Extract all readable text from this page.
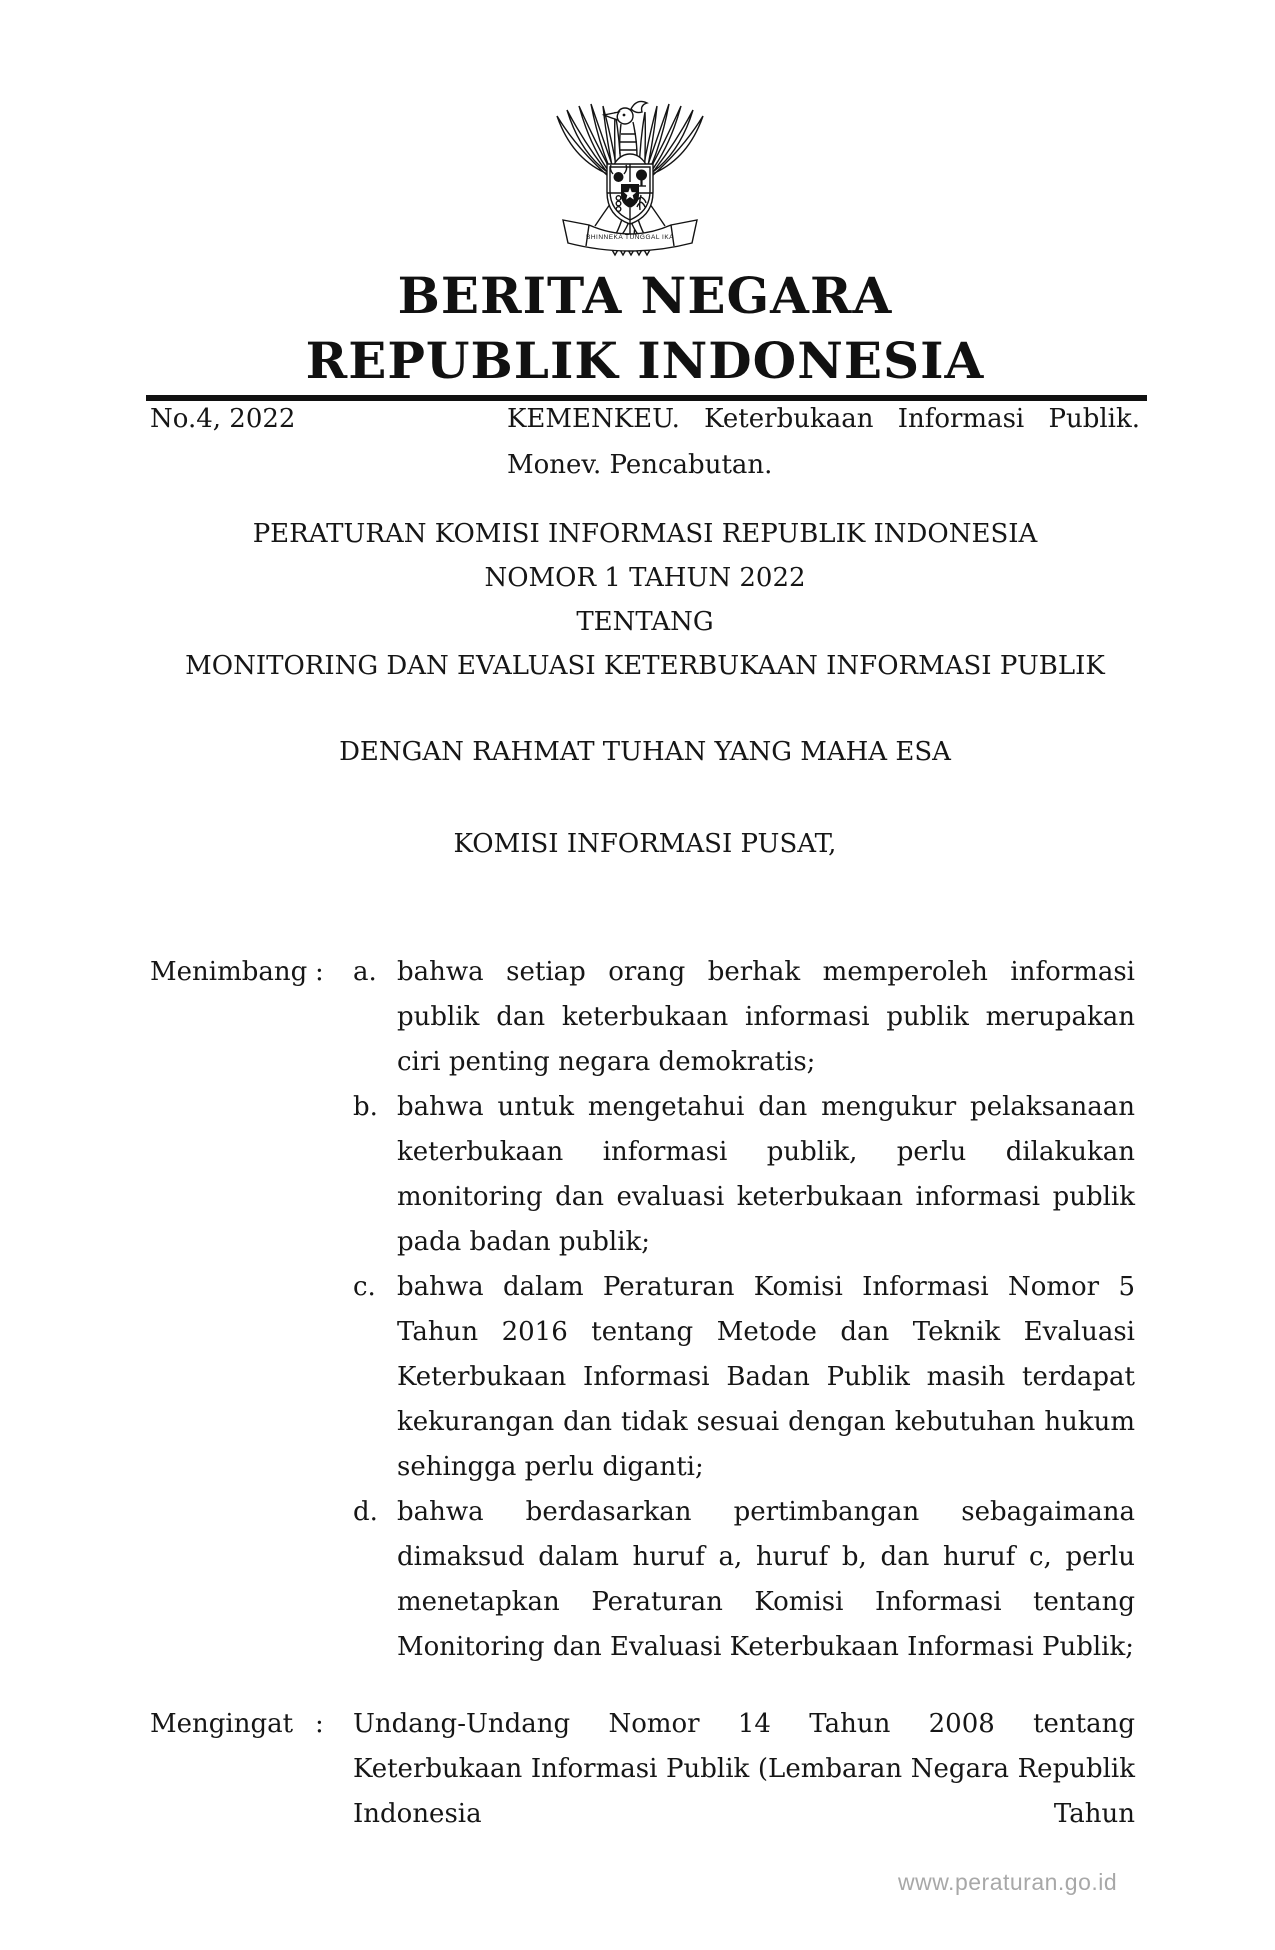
BHINNEKA TUNGGAL IKA
BERITA NEGARA
REPUBLIK INDONESIA
No.4, 2022	KEMENKEU. Keterbukaan Informasi Publik. Monev. Pencabutan.
PERATURAN KOMISI INFORMASI REPUBLIK INDONESIA
NOMOR 1 TAHUN 2022
TENTANG
MONITORING DAN EVALUASI KETERBUKAAN INFORMASI PUBLIK
DENGAN RAHMAT TUHAN YANG MAHA ESA
KOMISI INFORMASI PUSAT,
Menimbang :	a. bahwa setiap orang berhak memperoleh informasi publik dan keterbukaan informasi publik merupakan ciri penting negara demokratis;
b. bahwa untuk mengetahui dan mengukur pelaksanaan keterbukaan informasi publik, perlu dilakukan monitoring dan evaluasi keterbukaan informasi publik pada badan publik;
c. bahwa dalam Peraturan Komisi Informasi Nomor 5 Tahun 2016 tentang Metode dan Teknik Evaluasi Keterbukaan Informasi Badan Publik masih terdapat kekurangan dan tidak sesuai dengan kebutuhan hukum sehingga perlu diganti;
d. bahwa berdasarkan pertimbangan sebagaimana dimaksud dalam huruf a, huruf b, dan huruf c, perlu menetapkan Peraturan Komisi Informasi tentang Monitoring dan Evaluasi Keterbukaan Informasi Publik;
Mengingat :	Undang-Undang Nomor 14 Tahun 2008 tentang Keterbukaan Informasi Publik (Lembaran Negara Republik Indonesia Tahun
www.peraturan.go.id
